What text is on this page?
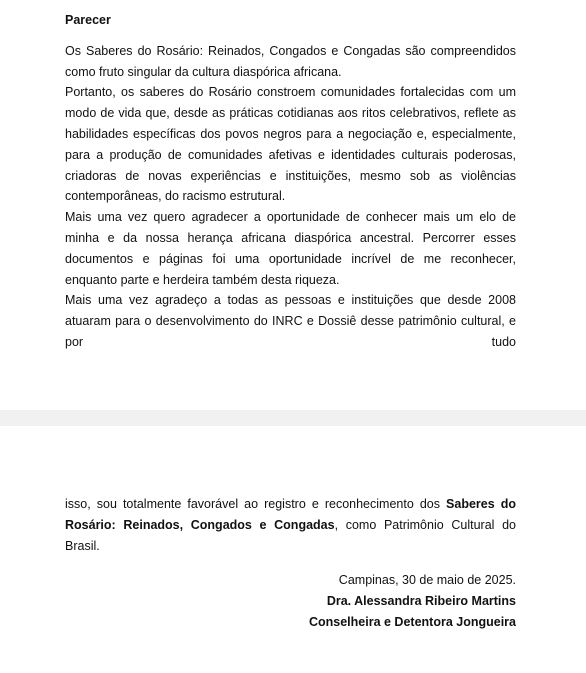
Parecer

Os Saberes do Rosário: Reinados, Congados e Congadas são compreendidos como fruto singular da cultura diaspórica africana.

Portanto, os saberes do Rosário constroem comunidades fortalecidas com um modo de vida que, desde as práticas cotidianas aos ritos celebrativos, reflete as habilidades específicas dos povos negros para a negociação e, especialmente, para a produção de comunidades afetivas e identidades culturais poderosas, criadoras de novas experiências e instituições, mesmo sob as violências contemporâneas, do racismo estrutural.

Mais uma vez quero agradecer a oportunidade de conhecer mais um elo de minha e da nossa herança africana diaspórica ancestral. Percorrer esses documentos e páginas foi uma oportunidade incrível de me reconhecer, enquanto parte e herdeira também desta riqueza.

Mais uma vez agradeço a todas as pessoas e instituições que desde 2008 atuaram para o desenvolvimento do INRC e Dossiê desse patrimônio cultural, e por tudo

isso, sou totalmente favorável ao registro e reconhecimento dos Saberes do Rosário: Reinados, Congados e Congadas, como Patrimônio Cultural do Brasil.

Campinas, 30 de maio de 2025.
Dra. Alessandra Ribeiro Martins
Conselheira e Detentora Jongueira
